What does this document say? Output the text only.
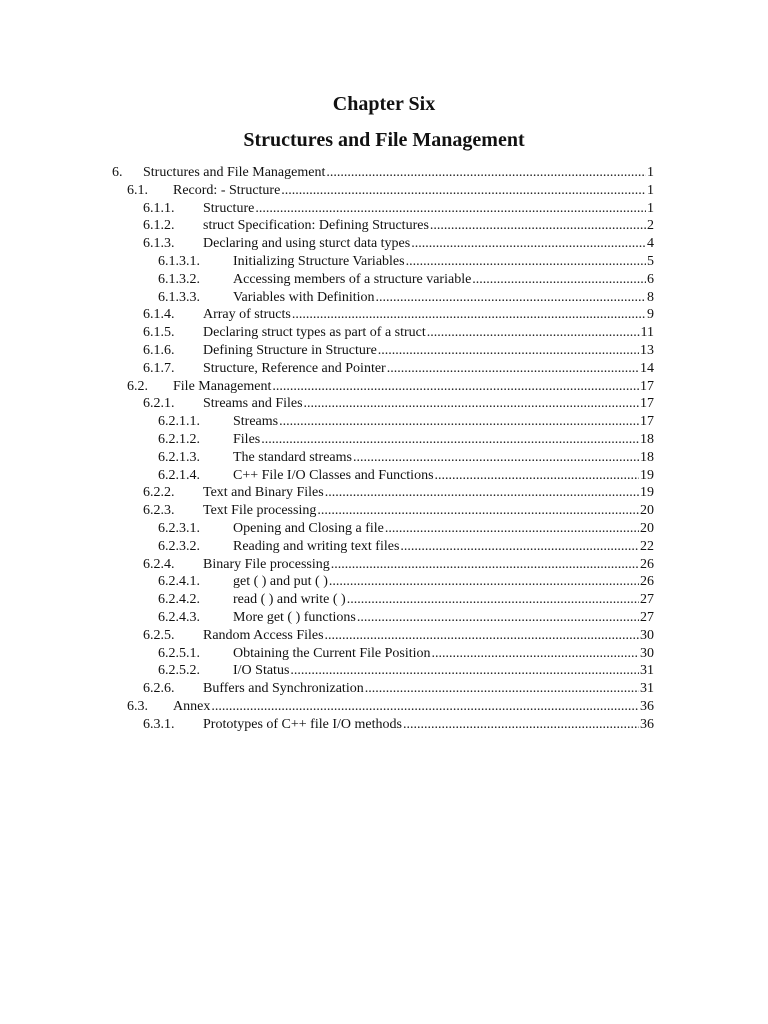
Chapter Six
Structures and File Management
6.	Structures and File Management .....	1
6.1.	Record: - Structure .....	1
6.1.1.	Structure .....	1
6.1.2.	struct Specification: Defining Structures .....	2
6.1.3.	Declaring and using sturct data types .....	4
6.1.3.1.	Initializing Structure Variables .....	5
6.1.3.2.	Accessing members of a structure variable .....	6
6.1.3.3.	Variables with Definition .....	8
6.1.4.	Array of structs .....	9
6.1.5.	Declaring struct types as part of a struct .....	11
6.1.6.	Defining Structure in Structure .....	13
6.1.7.	Structure, Reference and Pointer .....	14
6.2.	File Management .....	17
6.2.1.	Streams and Files .....	17
6.2.1.1.	Streams .....	17
6.2.1.2.	Files .....	18
6.2.1.3.	The standard streams .....	18
6.2.1.4.	C++ File I/O Classes and Functions .....	19
6.2.2.	Text and Binary Files .....	19
6.2.3.	Text File processing .....	20
6.2.3.1.	Opening and Closing a file .....	20
6.2.3.2.	Reading and writing text files .....	22
6.2.4.	Binary File processing .....	26
6.2.4.1.	get ( ) and put ( ) .....	26
6.2.4.2.	read ( ) and write ( ) .....	27
6.2.4.3.	More get ( ) functions .....	27
6.2.5.	Random Access Files .....	30
6.2.5.1.	Obtaining the Current File Position .....	30
6.2.5.2.	I/O Status .....	31
6.2.6.	Buffers and Synchronization .....	31
6.3.	Annex .....	36
6.3.1.	Prototypes of C++ file I/O methods .....	36
